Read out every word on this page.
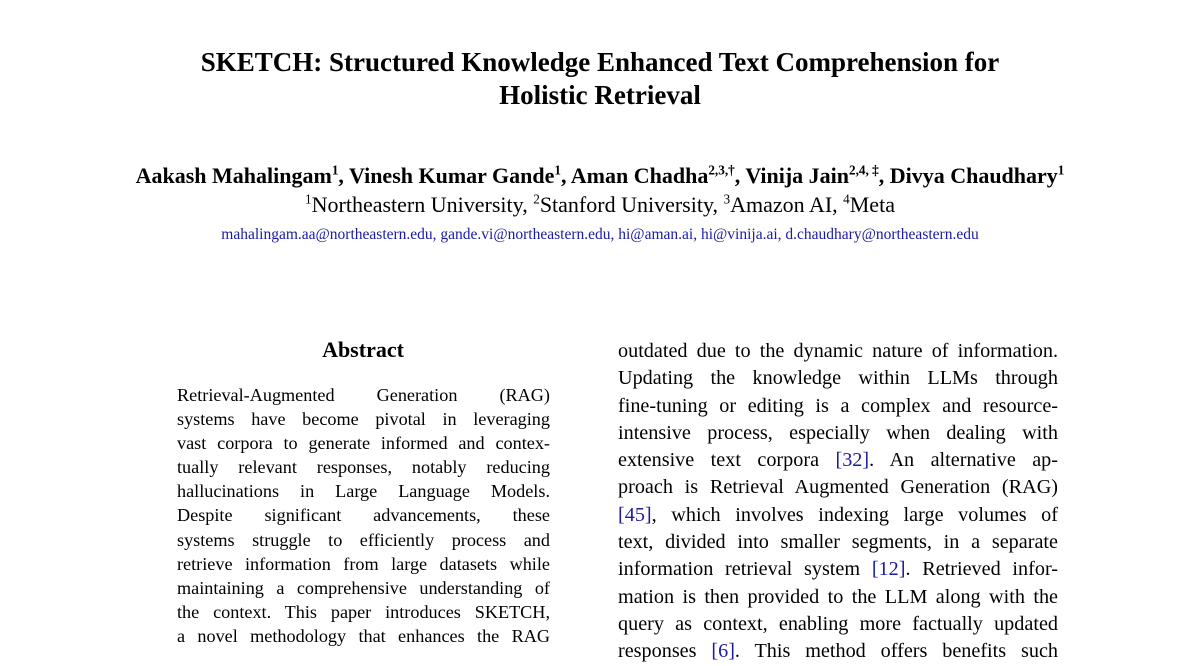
SKETCH: Structured Knowledge Enhanced Text Comprehension for
Holistic Retrieval
Aakash Mahalingam$^1$, Vinesh Kumar Gande$^1$, Aman Chadha$^{2,3,\dagger}$, Vinija Jain$^{2,4, \ddagger}$, Divya Chaudhary$^1$
$^1$Northeastern University, $^2$Stanford University, $^3$Amazon AI, $^4$Meta
mahalingam.aa@northeastern.edu, gande.vi@northeastern.edu, hi@aman.ai, hi@vinija.ai, d.chaudhary@northeastern.edu
Abstract
Retrieval-Augmented Generation (RAG)
systems have become pivotal in leveraging
vast corpora to generate informed and contex-
tually relevant responses, notably reducing
hallucinations in Large Language Models.
Despite significant advancements, these
systems struggle to efficiently process and
retrieve information from large datasets while
maintaining a comprehensive understanding of
the context. This paper introduces SKETCH,
a novel methodology that enhances the RAG
outdated due to the dynamic nature of information.
Updating the knowledge within LLMs through
fine-tuning or editing is a complex and resource-
intensive process, especially when dealing with
extensive text corpora [32]. An alternative ap-
proach is Retrieval Augmented Generation (RAG)
[45], which involves indexing large volumes of
text, divided into smaller segments, in a separate
information retrieval system [12]. Retrieved infor-
mation is then provided to the LLM along with the
query as context, enabling more factually updated
responses [6]. This method offers benefits such
